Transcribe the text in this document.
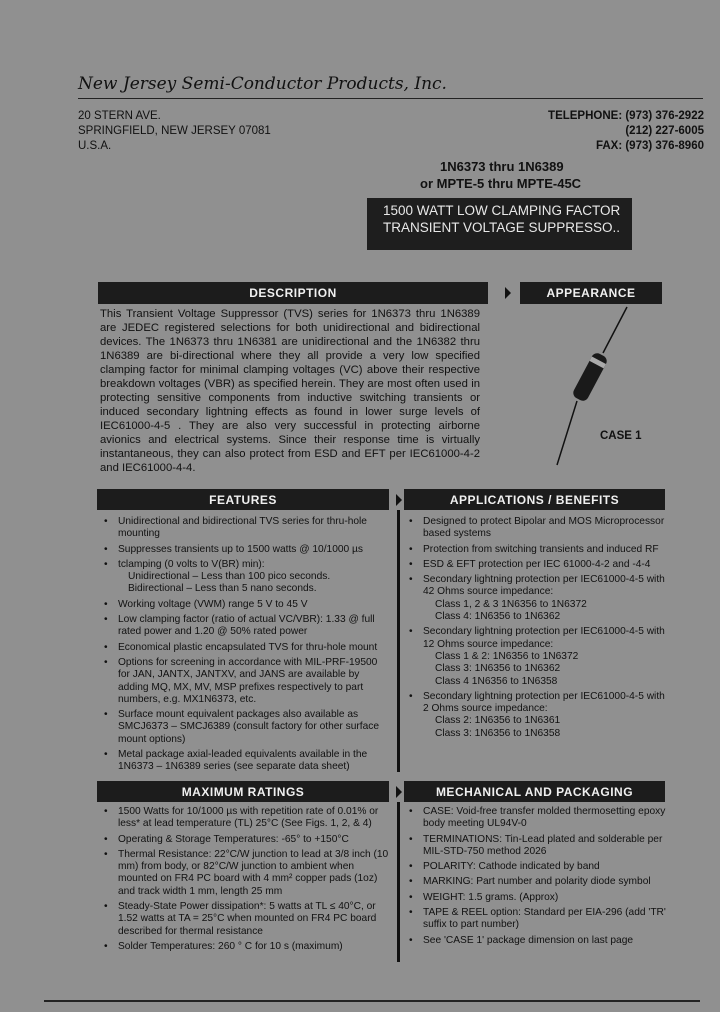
New Jersey Semi-Conductor Products, Inc.
20 STERN AVE.
SPRINGFIELD, NEW JERSEY 07081
U.S.A.
TELEPHONE: (973) 376-2922
(212) 227-6005
FAX: (973) 376-8960
1N6373 thru 1N6389
or MPTE-5 thru MPTE-45C
1500 WATT LOW CLAMPING FACTOR
TRANSIENT VOLTAGE SUPPRESSO..
DESCRIPTION	APPEARANCE
This Transient Voltage Suppressor (TVS) series for 1N6373 thru 1N6389 are JEDEC registered selections for both unidirectional and bidirectional devices. The 1N6373 thru 1N6381 are unidirectional and the 1N6382 thru 1N6389 are bi-directional where they all provide a very low specified clamping factor for minimal clamping voltages (VC) above their respective breakdown voltages (VBR) as specified herein. They are most often used in protecting sensitive components from inductive switching transients or induced secondary lightning effects as found in lower surge levels of IEC61000-4-5 . They are also very successful in protecting airborne avionics and electrical systems. Since their response time is virtually instantaneous, they can also protect from ESD and EFT per IEC61000-4-2 and IEC61000-4-4.
CASE 1
FEATURES	APPLICATIONS / BENEFITS
• Unidirectional and bidirectional TVS series for thru-hole mounting
• Suppresses transients up to 1500 watts @ 10/1000 µs
• tclamping (0 volts to V(BR) min):
Unidirectional – Less than 100 pico seconds.
Bidirectional – Less than 5 nano seconds.
• Working voltage (VWM) range 5 V to 45 V
• Low clamping factor (ratio of actual VC/VBR): 1.33 @ full rated power and 1.20 @ 50% rated power
• Economical plastic encapsulated TVS for thru-hole mount
• Options for screening in accordance with MIL-PRF-19500 for JAN, JANTX, JANTXV, and JANS are available by adding MQ, MX, MV, MSP prefixes respectively to part numbers, e.g. MX1N6373, etc.
• Surface mount equivalent packages also available as SMCJ6373 – SMCJ6389 (consult factory for other surface mount options)
• Metal package axial-leaded equivalents available in the 1N6373 – 1N6389 series (see separate data sheet)
• Designed to protect Bipolar and MOS Microprocessor based systems
• Protection from switching transients and induced RF
• ESD & EFT protection per IEC 61000-4-2 and -4-4
• Secondary lightning protection per IEC61000-4-5 with 42 Ohms source impedance:
Class 1, 2 & 3 1N6356 to 1N6372
Class 4: 1N6356 to 1N6362
• Secondary lightning protection per IEC61000-4-5 with 12 Ohms source impedance:
Class 1 & 2: 1N6356 to 1N6372
Class 3: 1N6356 to 1N6362
Class 4 1N6356 to 1N6358
• Secondary lightning protection per IEC61000-4-5 with 2 Ohms source impedance:
Class 2: 1N6356 to 1N6361
Class 3: 1N6356 to 1N6358
MAXIMUM RATINGS	MECHANICAL AND PACKAGING
• 1500 Watts for 10/1000 µs with repetition rate of 0.01% or less* at lead temperature (TL) 25°C (See Figs. 1, 2, & 4)
• Operating & Storage Temperatures: -65° to +150°C
• Thermal Resistance: 22°C/W junction to lead at 3/8 inch (10 mm) from body, or 82°C/W junction to ambient when mounted on FR4 PC board with 4 mm² copper pads (1oz) and track width 1 mm, length 25 mm
• Steady-State Power dissipation*: 5 watts at TL ≤ 40°C, or 1.52 watts at TA = 25°C when mounted on FR4 PC board described for thermal resistance
• Solder Temperatures: 260 ° C for 10 s (maximum)
• CASE: Void-free transfer molded thermosetting epoxy body meeting UL94V-0
• TERMINATIONS: Tin-Lead plated and solderable per MIL-STD-750 method 2026
• POLARITY: Cathode indicated by band
• MARKING: Part number and polarity diode symbol
• WEIGHT: 1.5 grams. (Approx)
• TAPE & REEL option: Standard per EIA-296 (add 'TR' suffix to part number)
• See 'CASE 1' package dimension on last page
